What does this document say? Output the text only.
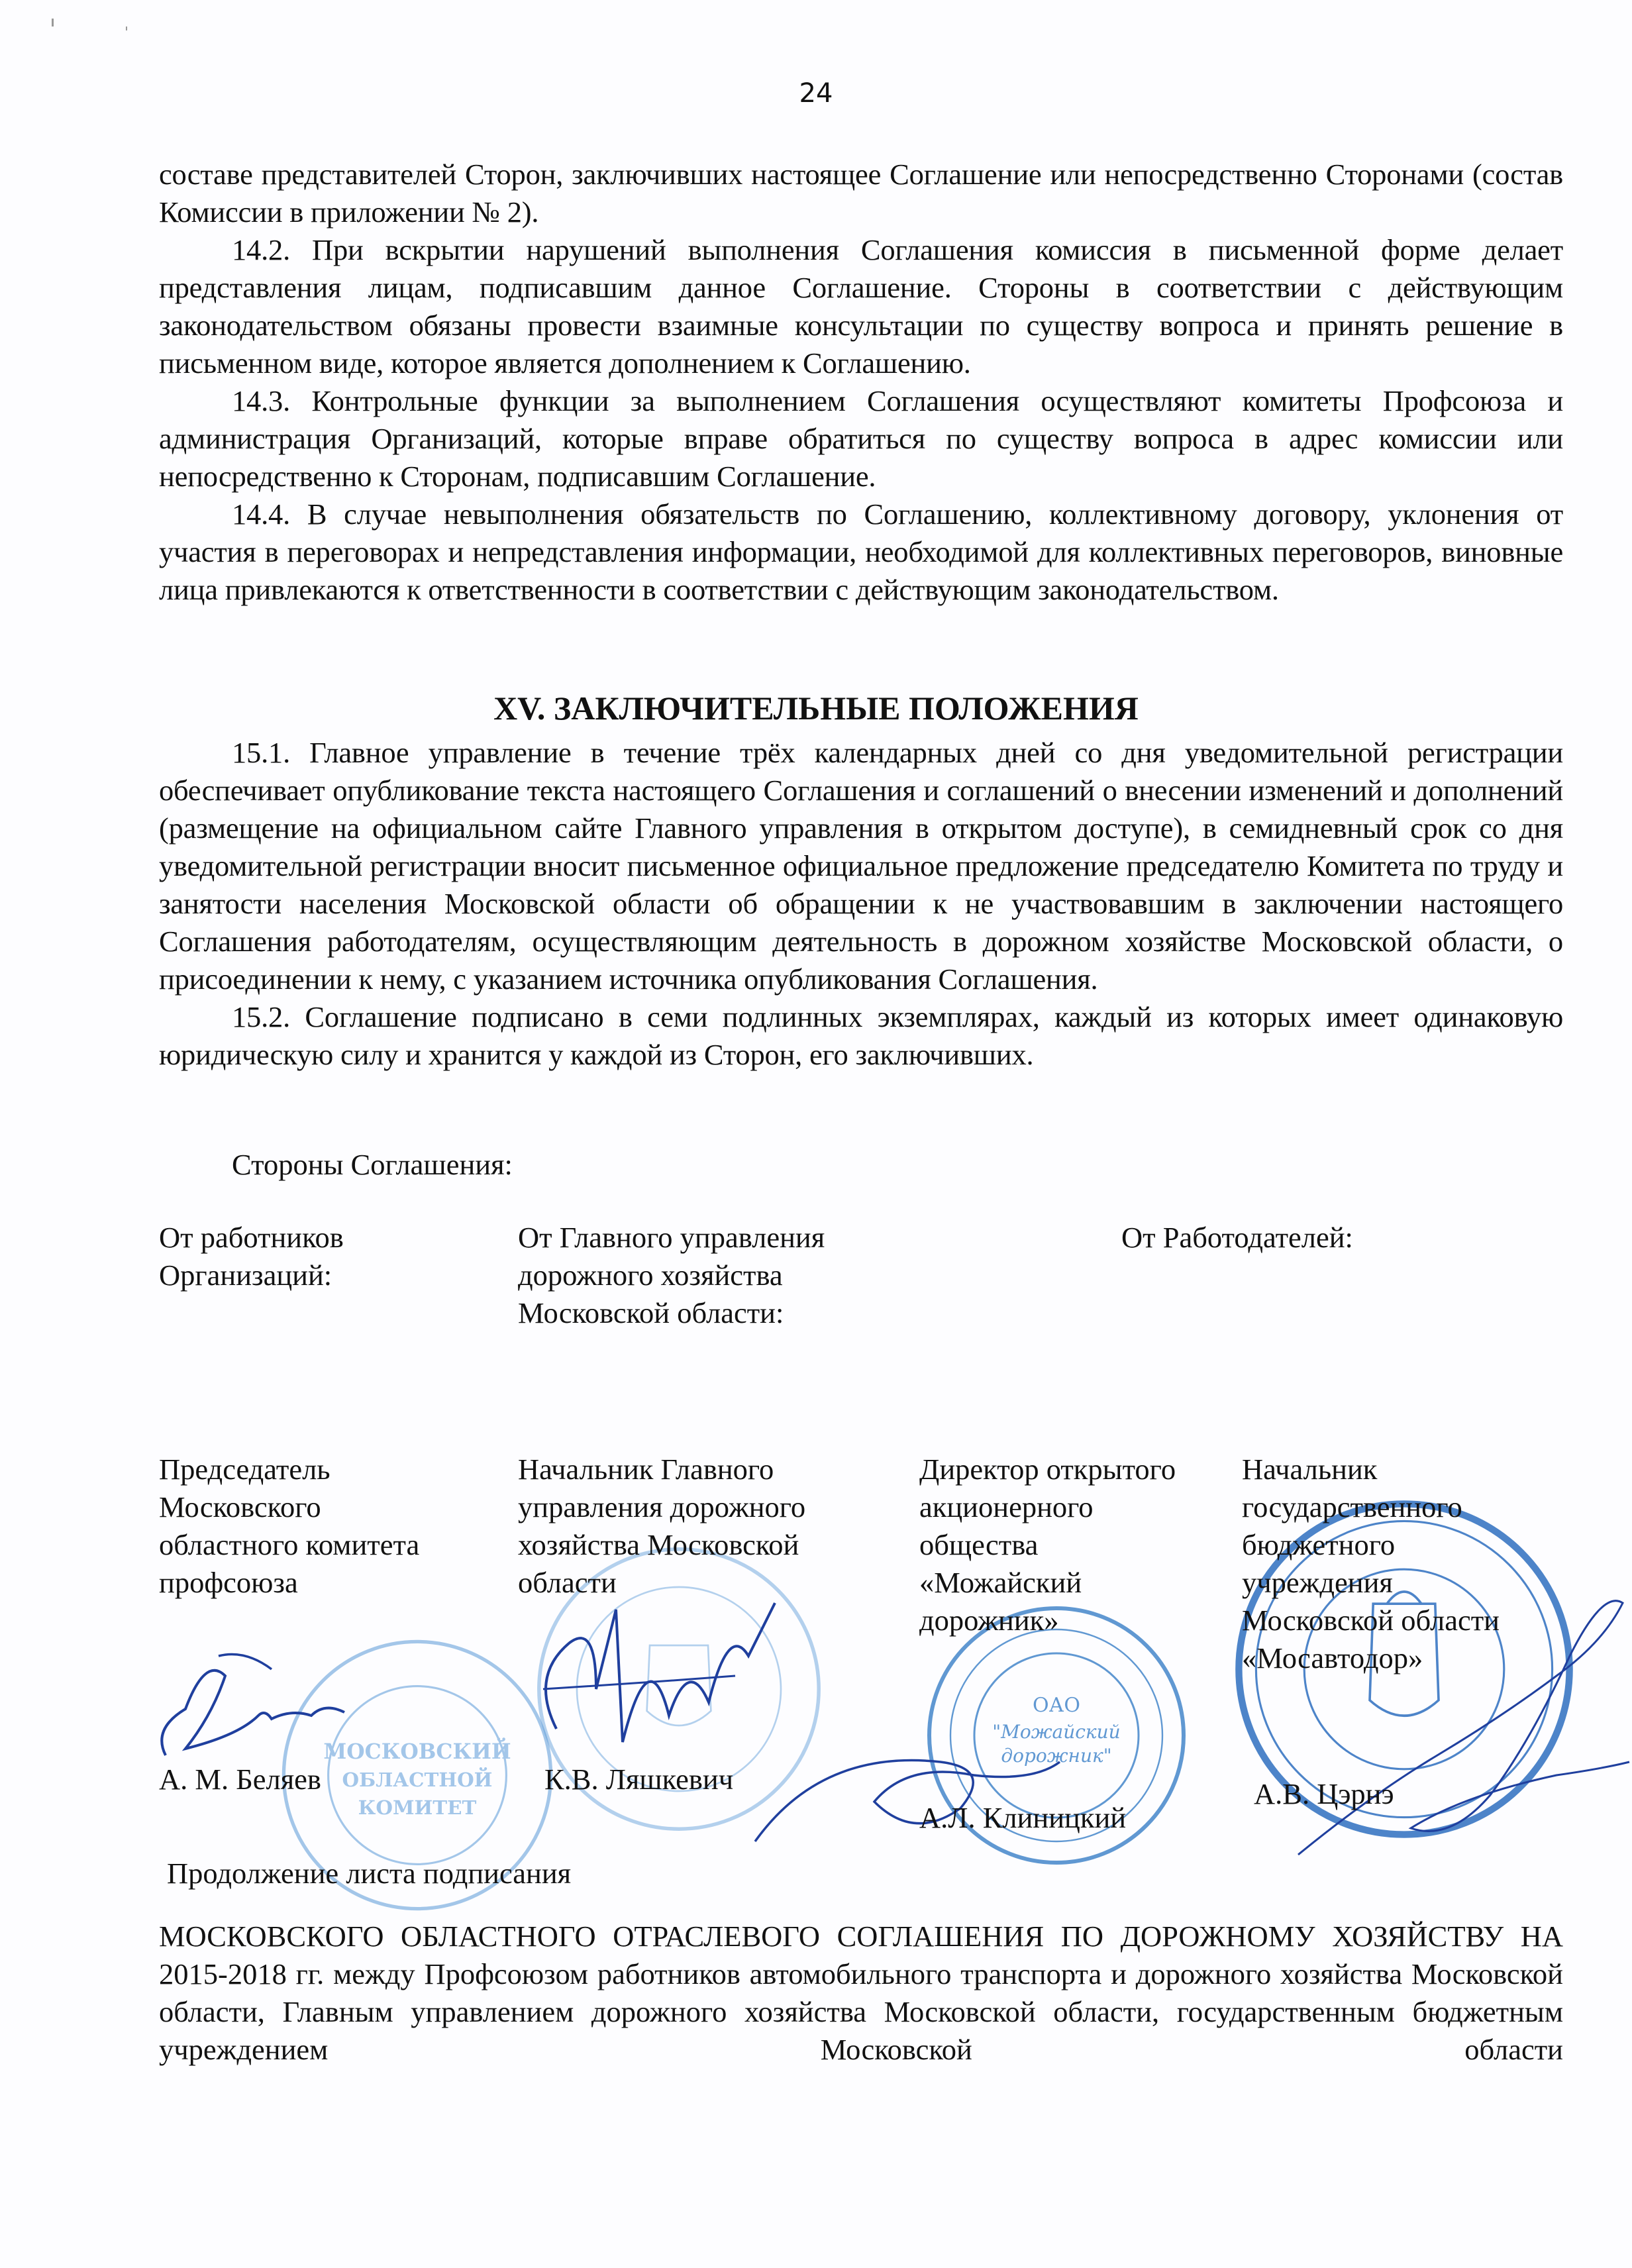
24

составе представителей Сторон, заключивших настоящее Соглашение или непосредственно Сторонами (состав Комиссии в приложении № 2).

14.2. При вскрытии нарушений выполнения Соглашения комиссия в письменной форме делает представления лицам, подписавшим данное Соглашение. Стороны в соответствии с действующим законодательством обязаны провести взаимные консультации по существу вопроса и принять решение в письменном виде, которое является дополнением к Соглашению.

14.3. Контрольные функции за выполнением Соглашения осуществляют комитеты Профсоюза и администрация Организаций, которые вправе обратиться по существу вопроса в адрес комиссии или непосредственно к Сторонам, подписавшим Соглашение.

14.4. В случае невыполнения обязательств по Соглашению, коллективному договору, уклонения от участия в переговорах и непредставления информации, необходимой для коллективных переговоров, виновные лица привлекаются к ответственности в соответствии с действующим законодательством.

XV. ЗАКЛЮЧИТЕЛЬНЫЕ ПОЛОЖЕНИЯ

15.1. Главное управление в течение трёх календарных дней со дня уведомительной регистрации обеспечивает опубликование текста настоящего Соглашения и соглашений о внесении изменений и дополнений (размещение на официальном сайте Главного управления в открытом доступе), в семидневный срок со дня уведомительной регистрации вносит письменное официальное предложение председателю Комитета по труду и занятости населения Московской области об обращении к не участвовавшим в заключении настоящего Соглашения работодателям, осуществляющим деятельность в дорожном хозяйстве Московской области, о присоединении к нему, с указанием источника опубликования Соглашения.

15.2. Соглашение подписано в семи подлинных экземплярах, каждый из которых имеет одинаковую юридическую силу и хранится у каждой из Сторон, его заключивших.

Стороны Соглашения:
От работников
Организаций:
От Главного управления
дорожного хозяйства
Московской области:
От Работодателей:
МОСКОВСКИЙ
ОБЛАСТНОЙ
КОМИТЕТ
ОАО
"Можайский
дорожник"
Председатель
Московского
областного комитета
профсоюза
Начальник Главного
управления дорожного
хозяйства Московской
области
Директор открытого
акционерного
общества
«Можайский
дорожник»
Начальник
государственного
бюджетного
учреждения
Московской области
«Мосавтодор»
А. М. Беляев	К.В. Ляшкевич
А.Л. Клиницкий
А.В. Цэрнэ
Продолжение листа подписания
МОСКОВСКОГО ОБЛАСТНОГО ОТРАСЛЕВОГО СОГЛАШЕНИЯ ПО ДОРОЖНОМУ ХОЗЯЙСТВУ НА 2015-2018 гг. между Профсоюзом работников автомобильного транспорта и дорожного хозяйства Московской области, Главным управлением дорожного хозяйства Московской области, государственным бюджетным учреждением Московской области
